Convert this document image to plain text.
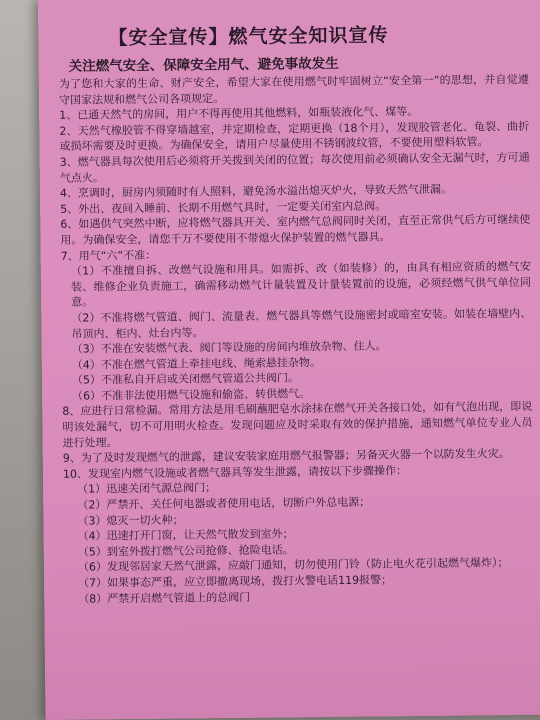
【安全宣传】燃气安全知识宣传
关注燃气安全、保障安全用气、避免事故发生

为了您和大家的生命、财产安全，希望大家在使用燃气时牢固树立“安全第一”的思想，并自觉遵守国家法规和燃气公司各项规定。

1、已通天然气的房间，用户不得再使用其他燃料，如瓶装液化气、煤等。

2、天然气橡胶管不得穿墙越室，并定期检查，定期更换（18个月），发现胶管老化、龟裂、曲折或损坏需要及时更换。为确保安全，请用户尽量使用不锈钢波纹管，不要使用塑料软管。

3、燃气器具每次使用后必须将开关拨到关闭的位置；每次使用前必须确认安全无漏气时，方可通气点火。

4、烹调时，厨房内须随时有人照料，避免汤水溢出熄灭炉火，导致天然气泄漏。

5、外出、夜间入睡前、长期不用燃气具时，一定要关闭室内总阀。

6、如遇供气突然中断，应将燃气器具开关、室内燃气总阀同时关闭，直至正常供气后方可继续使用。为确保安全，请您千万不要使用不带熄火保护装置的燃气器具。

7、用气“六”不准：

（1）不准擅自拆、改燃气设施和用具。如需拆、改（如装修）的，由具有相应资质的燃气安装、维修企业负责施工，确需移动燃气计量装置及计量装置前的设施，必须经燃气供气单位同意。

（2）不准将燃气管道、阀门、流量表、燃气器具等燃气设施密封或暗室安装。如装在墙壁内、吊顶内、柜内、灶台内等。

（3）不准在安装燃气表、阀门等设施的房间内堆放杂物、住人。

（4）不准在燃气管道上牵挂电线、绳索悬挂杂物。

（5）不准私自开启或关闭燃气管道公共阀门。

（6）不准非法使用燃气设施和偷盗、转供燃气。

8、应进行日常检漏。常用方法是用毛刷蘸肥皂水涂抹在燃气开关各接口处，如有气泡出现，即说明该处漏气，切不可用明火检查。发现问题应及时采取有效的保护措施，通知燃气单位专业人员进行处理。

9、为了及时发现燃气的泄露，建议安装家庭用燃气报警器；另备灭火器一个以防发生火灾。

10、发现室内燃气设施或者燃气器具等发生泄露，请按以下步骤操作：

（1）迅速关闭气源总阀门；

（2）严禁开、关任何电器或者使用电话，切断户外总电源；

（3）熄灭一切火种；

（4）迅速打开门窗，让天然气散发到室外；

（5）到室外拨打燃气公司抢修、抢险电话。

（6）发现邻居家天然气泄露，应敲门通知，切勿使用门铃（防止电火花引起燃气爆炸）；

（7）如果事态严重，应立即撤离现场，拨打火警电话119报警；

（8）严禁开启燃气管道上的总阀门
